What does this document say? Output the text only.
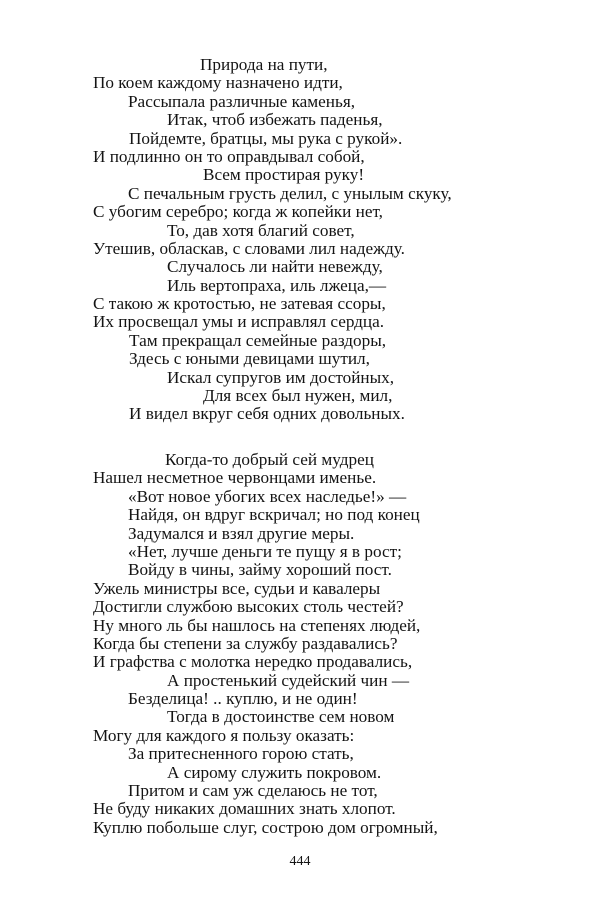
Природа на пути,
По коем каждому назначено идти,
Рассыпала различные каменья,
Итак, чтоб избежать паденья,
Пойдемте, братцы, мы рука с рукой».
И подлинно он то оправдывал собой,
Всем простирая руку!
С печальным грусть делил, с унылым скуку,
С убогим серебро; когда ж копейки нет,
То, дав хотя благий совет,
Утешив, обласкав, с словами лил надежду.
Случалось ли найти невежду,
Иль вертопраха, иль лжеца,—
С такою ж кротостью, не затевая ссоры,
Их просвещал умы и исправлял сердца.
Там прекращал семейные раздоры,
Здесь с юными девицами шутил,
Искал супругов им достойных,
Для всех был нужен, мил,
И видел вкруг себя одних довольных.
Когда-то добрый сей мудрец
Нашел несметное червонцами именье.
«Вот новое убогих всех наследье!» —
Найдя, он вдруг вскричал; но под конец
Задумался и взял другие меры.
«Нет, лучше деньги те пущу я в рост;
Войду в чины, займу хороший пост.
Ужель министры все, судьи и кавалеры
Достигли службою высоких столь честей?
Ну много ль бы нашлось на степенях людей,
Когда бы степени за службу раздавались?
И графства с молотка нередко продавались,
А простенький судейский чин —
Безделица! .. куплю, и не один!
Тогда в достоинстве сем новом
Могу для каждого я пользу оказать:
За притесненного горою стать,
А сирому служить покровом.
Притом и сам уж сделаюсь не тот,
Не буду никаких домашних знать хлопот.
Куплю побольше слуг, сострою дом огромный,
444
